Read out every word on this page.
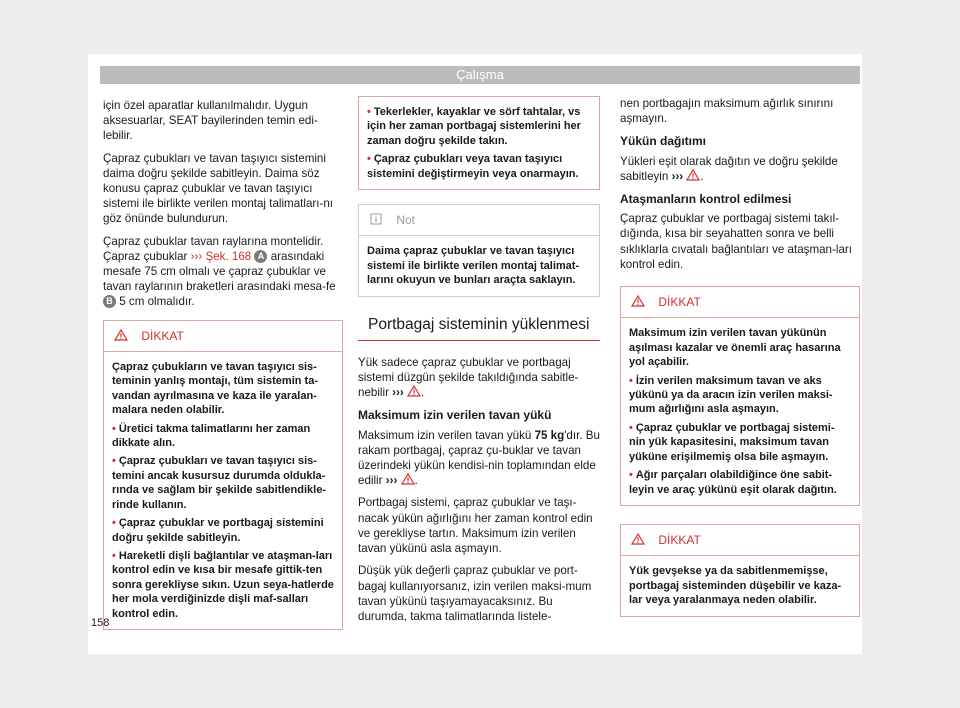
Çalışma

için özel aparatlar kullanılmalıdır. Uygun aksesuarlar, SEAT bayilerinden temin edi-lebilir.

Çapraz çubukları ve tavan taşıyıcı sistemini daima doğru şekilde sabitleyin. Daima söz konusu çapraz çubuklar ve tavan taşıyıcı sistemi ile birlikte verilen montaj talimatları-nı göz önünde bulundurun.

Çapraz çubuklar tavan raylarına montelidir. Çapraz çubuklar ››› Şek. 168 A arasındaki mesafe 75 cm olmalı ve çapraz çubuklar ve tavan raylarının braketleri arasındaki mesa-fe B 5 cm olmalıdır.

DİKKAT
Çapraz çubukların ve tavan taşıyıcı sis-teminin yanlış montajı, tüm sistemin ta-vandan ayrılmasına ve kaza ile yaralan-malara neden olabilir.
• Üretici takma talimatlarını her zaman dikkate alın.
• Çapraz çubukları ve tavan taşıyıcı sis-temini ancak kusursuz durumda oldukla-rında ve sağlam bir şekilde sabitlendikle-rinde kullanın.
• Çapraz çubuklar ve portbagaj sistemini doğru şekilde sabitleyin.
• Hareketli dişli bağlantılar ve ataşman-ları kontrol edin ve kısa bir mesafe gittik-ten sonra gerekliyse sıkın. Uzun seya-hatlerde her mola verdiğinizde dişli maf-salları kontrol edin.
• Tekerlekler, kayaklar ve sörf tahtalar, vs için her zaman portbagaj sistemlerini her zaman doğru şekilde takın.
• Çapraz çubukları veya tavan taşıyıcı sistemini değiştirmeyin veya onarmayın.
Not
Daima çapraz çubuklar ve tavan taşıyıcı sistemi ile birlikte verilen montaj talimat-larını okuyun ve bunları araçta saklayın.
Portbagaj sisteminin yüklenmesi

Yük sadece çapraz çubuklar ve portbagaj sistemi düzgün şekilde takıldığında sabitle-nebilir ››› .

Maksimum izin verilen tavan yükü

Maksimum izin verilen tavan yükü 75 kg'dır. Bu rakam portbagaj, çapraz çu-buklar ve tavan üzerindeki yükün kendisi-nin toplamından elde edilir ››› .

Portbagaj sistemi, çapraz çubuklar ve taşı-nacak yükün ağırlığını her zaman kontrol edin ve gerekliyse tartın. Maksimum izin verilen tavan yükünü asla aşmayın.

Düşük yük değerli çapraz çubuklar ve port-bagaj kullanıyorsanız, izin verilen maksi-mum tavan yükünü taşıyamayacaksınız. Bu durumda, takma talimatlarında listele-

nen portbagajın maksimum ağırlık sınırını aşmayın.

Yükün dağıtımı

Yükleri eşit olarak dağıtın ve doğru şekilde sabitleyin ››› .

Ataşmanların kontrol edilmesi

Çapraz çubuklar ve portbagaj sistemi takıl-dığında, kısa bir seyahatten sonra ve belli sıklıklarla cıvatalı bağlantıları ve ataşman-ları kontrol edin.

DİKKAT
Maksimum izin verilen tavan yükünün aşılması kazalar ve önemli araç hasarına yol açabilir.
• İzin verilen maksimum tavan ve aks yükünü ya da aracın izin verilen maksi-mum ağırlığını asla aşmayın.
• Çapraz çubuklar ve portbagaj sistemi-nin yük kapasitesini, maksimum tavan yüküne erişilmemiş olsa bile aşmayın.
• Ağır parçaları olabildiğince öne sabit-leyin ve araç yükünü eşit olarak dağıtın.
DİKKAT
Yük gevşekse ya da sabitlenmemişse, portbagaj sisteminden düşebilir ve kaza-lar veya yaralanmaya neden olabilir.
158
